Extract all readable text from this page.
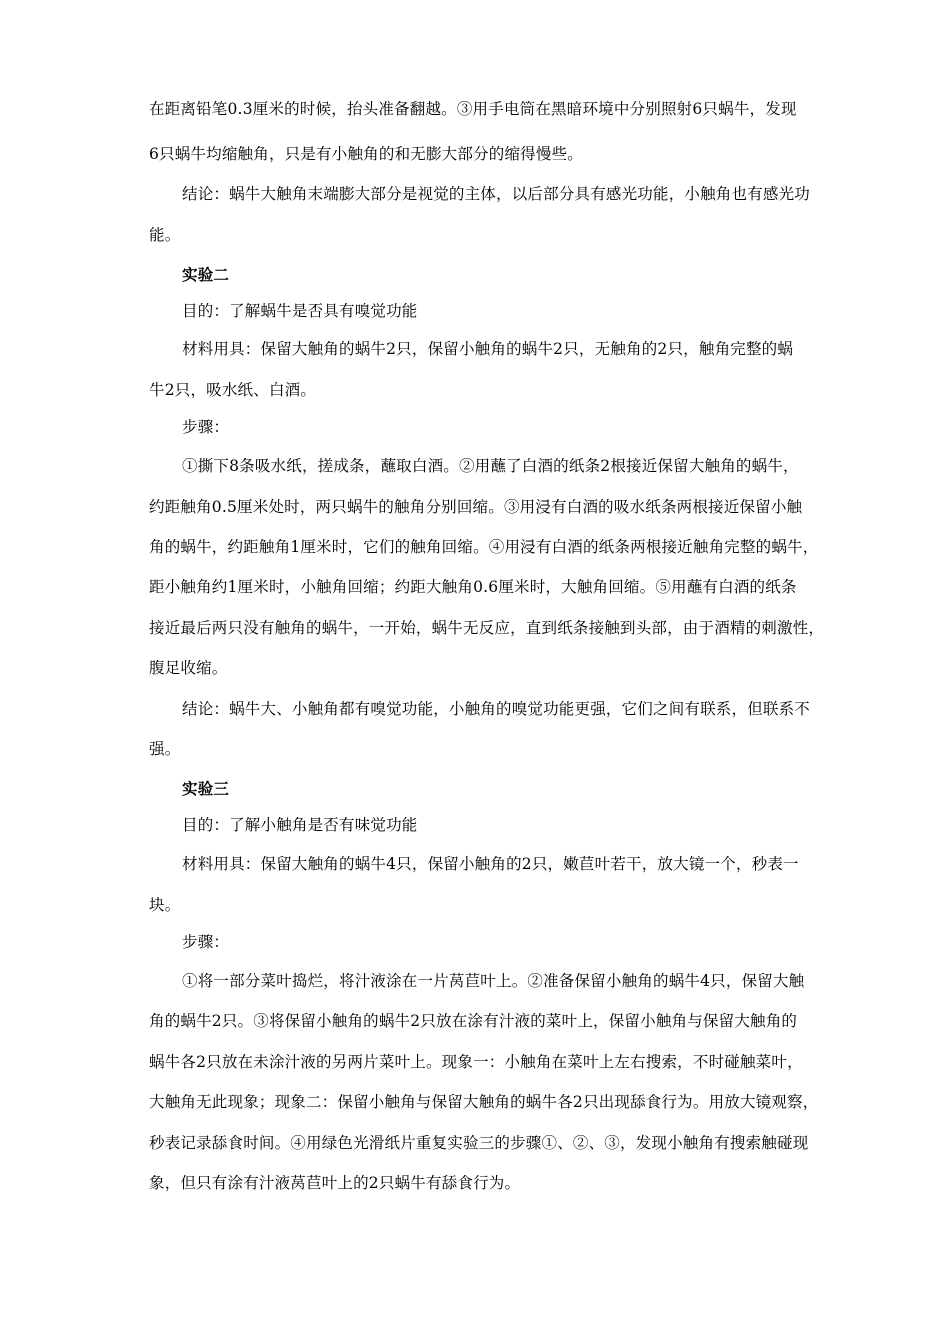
在距离铅笔0.3厘米的时候，抬头准备翻越。③用手电筒在黑暗环境中分别照射6只蜗牛，发现
6只蜗牛均缩触角，只是有小触角的和无膨大部分的缩得慢些。
结论：蜗牛大触角末端膨大部分是视觉的主体，以后部分具有感光功能，小触角也有感光功
能。
实验二
目的：了解蜗牛是否具有嗅觉功能
材料用具：保留大触角的蜗牛2只，保留小触角的蜗牛2只，无触角的2只，触角完整的蜗
牛2只，吸水纸、白酒。
步骤：
①撕下8条吸水纸，搓成条，蘸取白酒。②用蘸了白酒的纸条2根接近保留大触角的蜗牛，
约距触角0.5厘米处时，两只蜗牛的触角分别回缩。③用浸有白酒的吸水纸条两根接近保留小触
角的蜗牛，约距触角1厘米时，它们的触角回缩。④用浸有白酒的纸条两根接近触角完整的蜗牛，
距小触角约1厘米时，小触角回缩；约距大触角0.6厘米时，大触角回缩。⑤用蘸有白酒的纸条
接近最后两只没有触角的蜗牛，一开始，蜗牛无反应，直到纸条接触到头部，由于酒精的刺激性，
腹足收缩。
结论：蜗牛大、小触角都有嗅觉功能，小触角的嗅觉功能更强，它们之间有联系，但联系不
强。
实验三
目的：了解小触角是否有味觉功能
材料用具：保留大触角的蜗牛4只，保留小触角的2只，嫩苣叶若干，放大镜一个，秒表一
块。
步骤：
①将一部分菜叶捣烂，将汁液涂在一片莴苣叶上。②准备保留小触角的蜗牛4只，保留大触
角的蜗牛2只。③将保留小触角的蜗牛2只放在涂有汁液的菜叶上，保留小触角与保留大触角的
蜗牛各2只放在未涂汁液的另两片菜叶上。现象一：小触角在菜叶上左右搜索，不时碰触菜叶，
大触角无此现象；现象二：保留小触角与保留大触角的蜗牛各2只出现舔食行为。用放大镜观察，
秒表记录舔食时间。④用绿色光滑纸片重复实验三的步骤①、②、③，发现小触角有搜索触碰现
象，但只有涂有汁液莴苣叶上的2只蜗牛有舔食行为。
